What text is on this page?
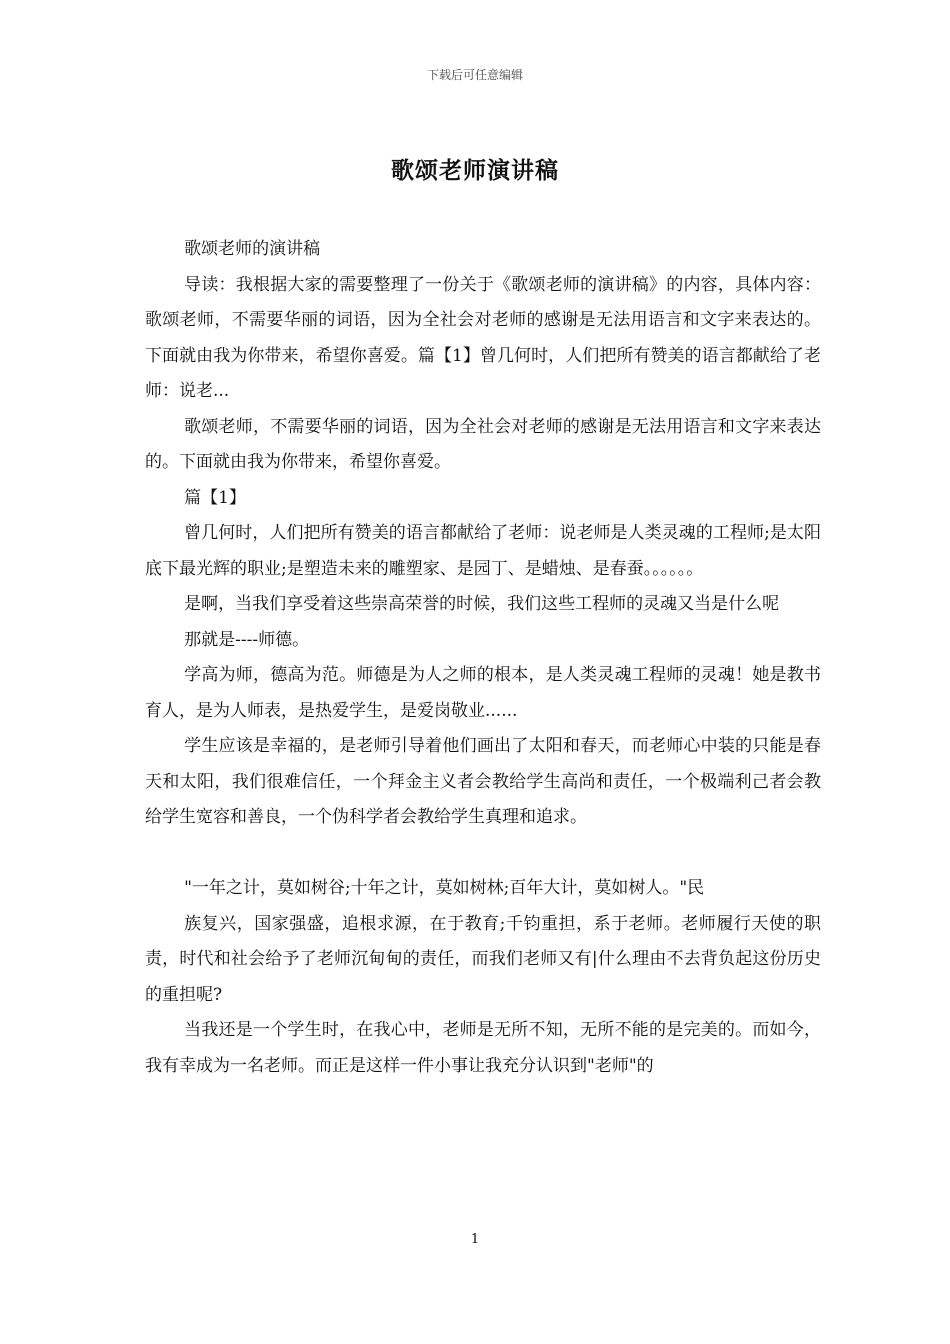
下载后可任意编辑
歌颂老师演讲稿

歌颂老师的演讲稿

导读：我根据大家的需要整理了一份关于《歌颂老师的演讲稿》的内容，具体内容：歌颂老师，不需要华丽的词语，因为全社会对老师的感谢是无法用语言和文字来表达的。下面就由我为你带来，希望你喜爱。篇【1】曾几何时，人们把所有赞美的语言都献给了老师：说老...

歌颂老师，不需要华丽的词语，因为全社会对老师的感谢是无法用语言和文字来表达的。下面就由我为你带来，希望你喜爱。

篇【1】

曾几何时，人们把所有赞美的语言都献给了老师：说老师是人类灵魂的工程师;是太阳底下最光辉的职业;是塑造未来的雕塑家、是园丁、是蜡烛、是春蚕。。。。。。

是啊，当我们享受着这些崇高荣誉的时候，我们这些工程师的灵魂又当是什么呢

那就是----师德。

学高为师，德高为范。师德是为人之师的根本，是人类灵魂工程师的灵魂！她是教书育人，是为人师表，是热爱学生，是爱岗敬业......

学生应该是幸福的，是老师引导着他们画出了太阳和春天，而老师心中装的只能是春天和太阳，我们很难信任，一个拜金主义者会教给学生高尚和责任，一个极端利己者会教给学生宽容和善良，一个伪科学者会教给学生真理和追求。

"一年之计，莫如树谷;十年之计，莫如树林;百年大计，莫如树人。"民

族复兴，国家强盛，追根求源，在于教育;千钧重担，系于老师。老师履行天使的职责，时代和社会给予了老师沉甸甸的责任，而我们老师又有|什么理由不去背负起这份历史的重担呢?

当我还是一个学生时，在我心中，老师是无所不知，无所不能的是完美的。而如今，我有幸成为一名老师。而正是这样一件小事让我充分认识到"老师"的

1
